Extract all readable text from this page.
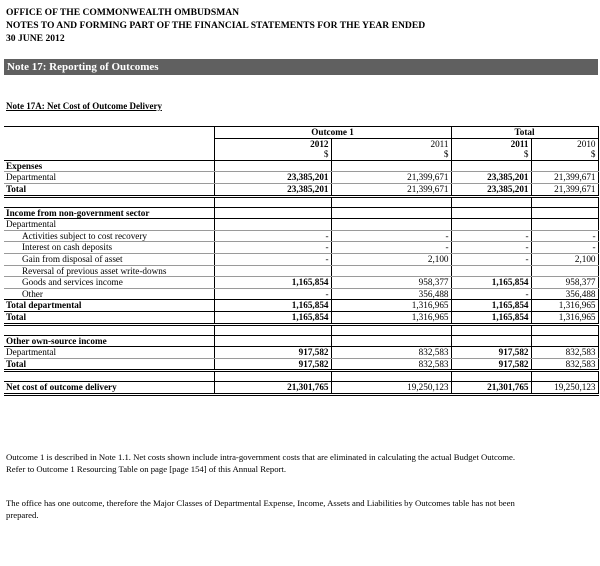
OFFICE OF THE COMMONWEALTH OMBUDSMAN
NOTES TO AND FORMING PART OF THE FINANCIAL STATEMENTS FOR THE YEAR ENDED
30 JUNE 2012
Note 17: Reporting of Outcomes
Note 17A: Net Cost of Outcome Delivery
	Outcome 1		Total	
	2012	2011	2011	2010
	$	$	$	$
Expenses				
Departmental	23,385,201	21,399,671	23,385,201	21,399,671
Total	23,385,201	21,399,671	23,385,201	21,399,671

Income from non-government sector				
Departmental				
Activities subject to cost recovery	-	-	-	-
Interest on cash deposits	-	-	-	-
Gain from disposal of asset	-	2,100	-	2,100
Reversal of previous asset write-downs				
Goods and services income	1,165,854	958,377	1,165,854	958,377
Other	-	356,488	-	356,488
Total departmental	1,165,854	1,316,965	1,165,854	1,316,965
Total	1,165,854	1,316,965	1,165,854	1,316,965

Other own-source income				
Departmental	917,582	832,583	917,582	832,583
Total	917,582	832,583	917,582	832,583

Net cost of outcome delivery	21,301,765	19,250,123	21,301,765	19,250,123
Outcome 1 is described in Note 1.1. Net costs shown include intra-government costs that are eliminated in calculating the actual Budget Outcome.
Refer to Outcome 1 Resourcing Table on page [page 154] of this Annual Report.
The office has one outcome, therefore the Major Classes of Departmental Expense, Income, Assets and Liabilities by Outcomes table has not been
prepared.
